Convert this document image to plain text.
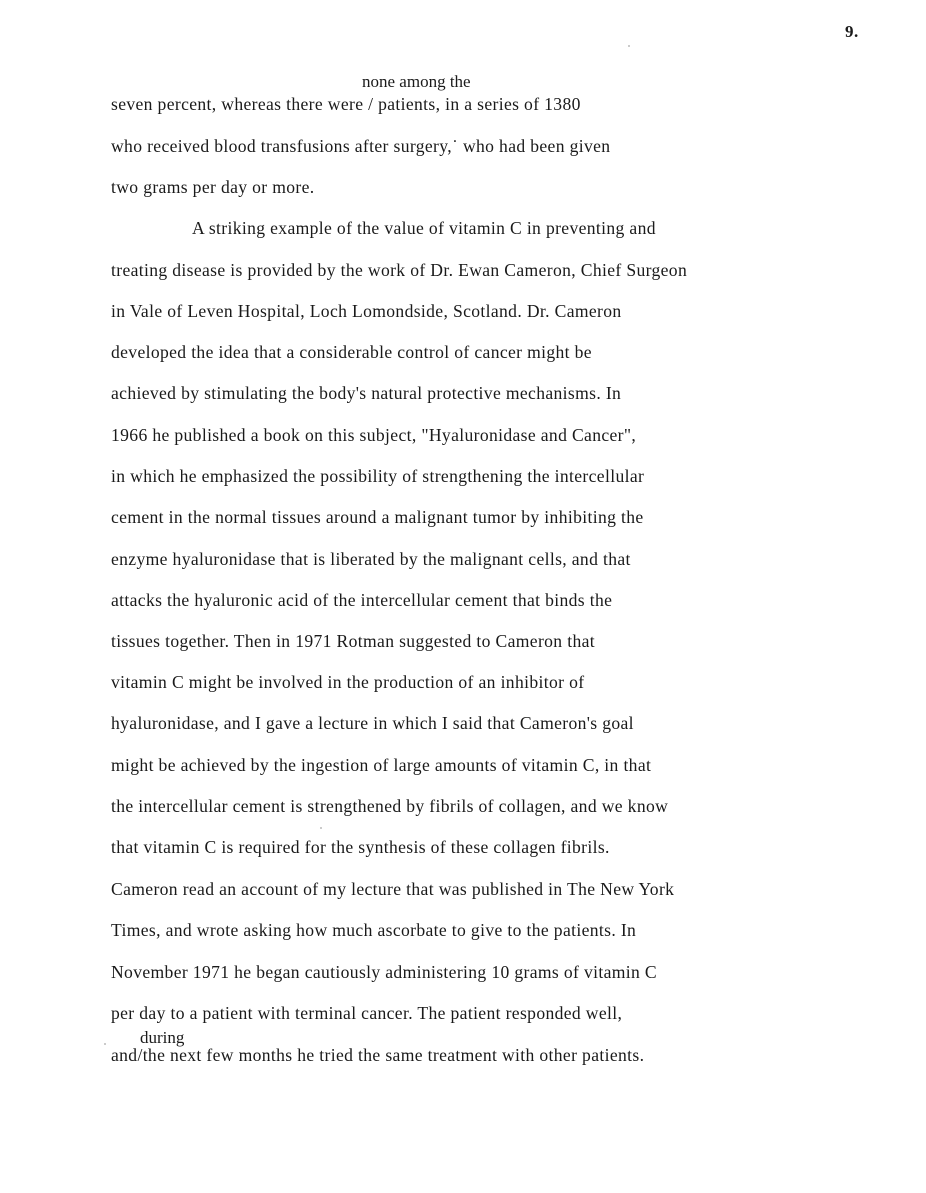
9.
none among the
seven percent, whereas there were / patients, in a series of 1380
who received blood transfusions after surgery,˙ who had been given
two grams per day or more.
A striking example of the value of vitamin C in preventing and
treating disease is provided by the work of Dr. Ewan Cameron, Chief Surgeon
in Vale of Leven Hospital, Loch Lomondside, Scotland. Dr. Cameron
developed the idea that a considerable control of cancer might be
achieved by stimulating the body's natural protective mechanisms. In
1966 he published a book on this subject, "Hyaluronidase and Cancer",
in which he emphasized the possibility of strengthening the intercellular
cement in the normal tissues around a malignant tumor by inhibiting the
enzyme hyaluronidase that is liberated by the malignant cells, and that
attacks the hyaluronic acid of the intercellular cement that binds the
tissues together. Then in 1971 Rotman suggested to Cameron that
vitamin C might be involved in the production of an inhibitor of
hyaluronidase, and I gave a lecture in which I said that Cameron's goal
might be achieved by the ingestion of large amounts of vitamin C, in that
the intercellular cement is strengthened by fibrils of collagen, and we know
that vitamin C is required for the synthesis of these collagen fibrils.
Cameron read an account of my lecture that was published in The New York
Times, and wrote asking how much ascorbate to give to the patients. In
November 1971 he began cautiously administering 10 grams of vitamin C
per day to a patient with terminal cancer. The patient responded well,
during
and/the next few months he tried the same treatment with other patients.
